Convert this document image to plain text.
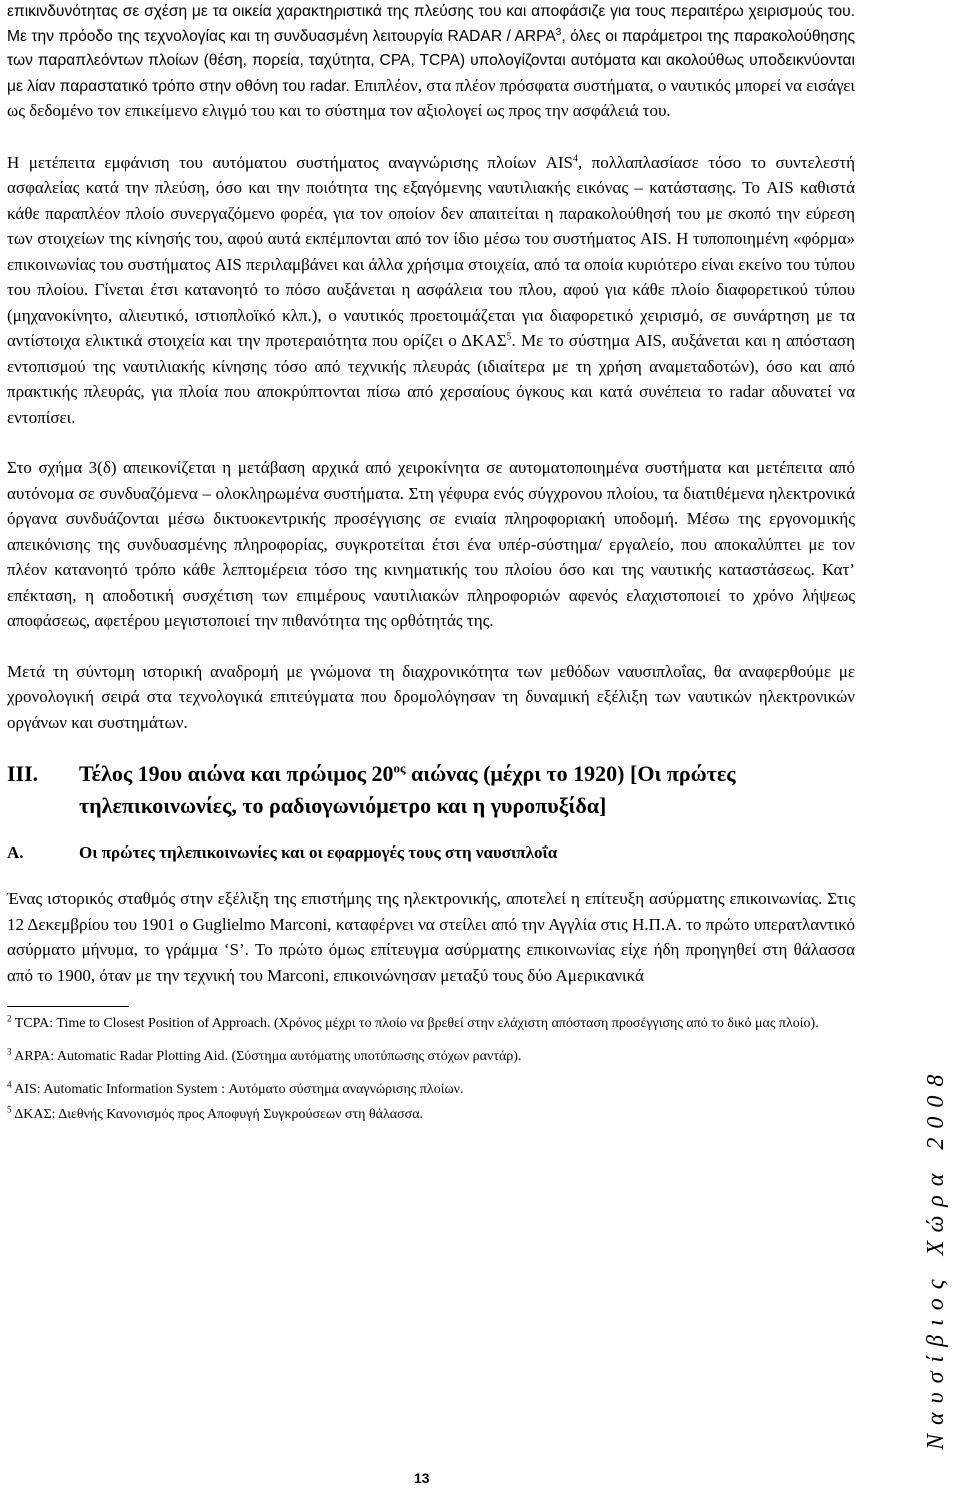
επικινδυνότητας σε σχέση με τα οικεία χαρακτηριστικά της πλεύσης του και αποφάσιζε για τους περαιτέρω χειρισμούς του. Με την πρόοδο της τεχνολογίας και τη συνδυασμένη λειτουργία RADAR / ARPA$^3$, όλες οι παράμετροι της παρακολούθησης των παραπλεόντων πλοίων (θέση, πορεία, ταχύτητα, CPA, TCPA) υπολογίζονται αυτόματα και ακολούθως υποδεικνύονται με λίαν παραστατικό τρόπο στην οθόνη του radar. Επιπλέον, στα πλέον πρόσφατα συστήματα, ο ναυτικός μπορεί να εισάγει ως δεδομένο τον επικείμενο ελιγμό του και το σύστημα τον αξιολογεί ως προς την ασφάλειά του.

Η μετέπειτα εμφάνιση του αυτόματου συστήματος αναγνώρισης πλοίων AIS$^4$, πολλαπλασίασε τόσο το συντελεστή ασφαλείας κατά την πλεύση, όσο και την ποιότητα της εξαγόμενης ναυτιλιακής εικόνας – κατάστασης. Το AIS καθιστά κάθε παραπλέον πλοίο συνεργαζόμενο φορέα, για τον οποίον δεν απαιτείται η παρακολούθησή του με σκοπό την εύρεση των στοιχείων της κίνησής του, αφού αυτά εκπέμπονται από τον ίδιο μέσω του συστήματος AIS. Η τυποποιημένη «φόρμα» επικοινωνίας του συστήματος AIS περιλαμβάνει και άλλα χρήσιμα στοιχεία, από τα οποία κυριότερο είναι εκείνο του τύπου του πλοίου. Γίνεται έτσι κατανοητό το πόσο αυξάνεται η ασφάλεια του πλου, αφού για κάθε πλοίο διαφορετικού τύπου (μηχανοκίνητο, αλιευτικό, ιστιοπλοϊκό κλπ.), ο ναυτικός προετοιμάζεται για διαφορετικό χειρισμό, σε συνάρτηση με τα αντίστοιχα ελικτικά στοιχεία και την προτεραιότητα που ορίζει ο ΔΚΑΣ$^5$. Με το σύστημα AIS, αυξάνεται και η απόσταση εντοπισμού της ναυτιλιακής κίνησης τόσο από τεχνικής πλευράς (ιδιαίτερα με τη χρήση αναμεταδοτών), όσο και από πρακτικής πλευράς, για πλοία που αποκρύπτονται πίσω από χερσαίους όγκους και κατά συνέπεια το radar αδυνατεί να εντοπίσει.

Στο σχήμα 3(δ) απεικονίζεται η μετάβαση αρχικά από χειροκίνητα σε αυτοματοποιημένα συστήματα και μετέπειτα από αυτόνομα σε συνδυαζόμενα – ολοκληρωμένα συστήματα. Στη γέφυρα ενός σύγχρονου πλοίου, τα διατιθέμενα ηλεκτρονικά όργανα συνδυάζονται μέσω δικτυοκεντρικής προσέγγισης σε ενιαία πληροφοριακή υποδομή. Μέσω της εργονομικής απεικόνισης της συνδυασμένης πληροφορίας, συγκροτείται έτσι ένα υπέρ-σύστημα/ εργαλείο, που αποκαλύπτει με τον πλέον κατανοητό τρόπο κάθε λεπτομέρεια τόσο της κινηματικής του πλοίου όσο και της ναυτικής καταστάσεως. Κατ’ επέκταση, η αποδοτική συσχέτιση των επιμέρους ναυτιλιακών πληροφοριών αφενός ελαχιστοποιεί το χρόνο λήψεως αποφάσεως, αφετέρου μεγιστοποιεί την πιθανότητα της ορθότητάς της.

Μετά τη σύντομη ιστορική αναδρομή με γνώμονα τη διαχρονικότητα των μεθόδων ναυσιπλοΐας, θα αναφερθούμε με χρονολογική σειρά στα τεχνολογικά επιτεύγματα που δρομολόγησαν τη δυναμική εξέλιξη των ναυτικών ηλεκτρονικών οργάνων και συστημάτων.

ΙΙΙ.	Τέλος 19ου αιώνα και πρώιμος $20^{o\varsigma}$ αιώνας (μέχρι το 1920) [Οι πρώτες τηλεπικοινωνίες, το ραδιογωνιόμετρο και η γυροπυξίδα]
Α.	Οι πρώτες τηλεπικοινωνίες και οι εφαρμογές τους στη ναυσιπλοΐα

Ένας ιστορικός σταθμός στην εξέλιξη της επιστήμης της ηλεκτρονικής, αποτελεί η επίτευξη ασύρματης επικοινωνίας. Στις 12 Δεκεμβρίου του 1901 ο Guglielmo Marconi, καταφέρνει να στείλει από την Αγγλία στις Η.Π.Α. το πρώτο υπερατλαντικό ασύρματο μήνυμα, το γράμμα ‘S’. Το πρώτο όμως επίτευγμα ασύρματης επικοινωνίας είχε ήδη προηγηθεί στη θάλασσα από το 1900, όταν με την τεχνική του Marconi, επικοινώνησαν μεταξύ τους δύο Αμερικανικά

$^2$ TCPA: Time to Closest Position of Approach. (Χρόνος μέχρι το πλοίο να βρεθεί στην ελάχιστη απόσταση προσέγγισης από το δικό μας πλοίο).

$^3$ ARPA: Automatic Radar Plotting Aid. (Σύστημα αυτόματης υποτύπωσης στόχων ραντάρ).

$^4$ AIS: Automatic Information System : Αυτόματο σύστημα αναγνώρισης πλοίων.

$^5$ ΔΚΑΣ: Διεθνής Κανονισμός προς Αποφυγή Συγκρούσεων στη θάλασσα.	Ναυσίβιος Χώρα 2008
13
